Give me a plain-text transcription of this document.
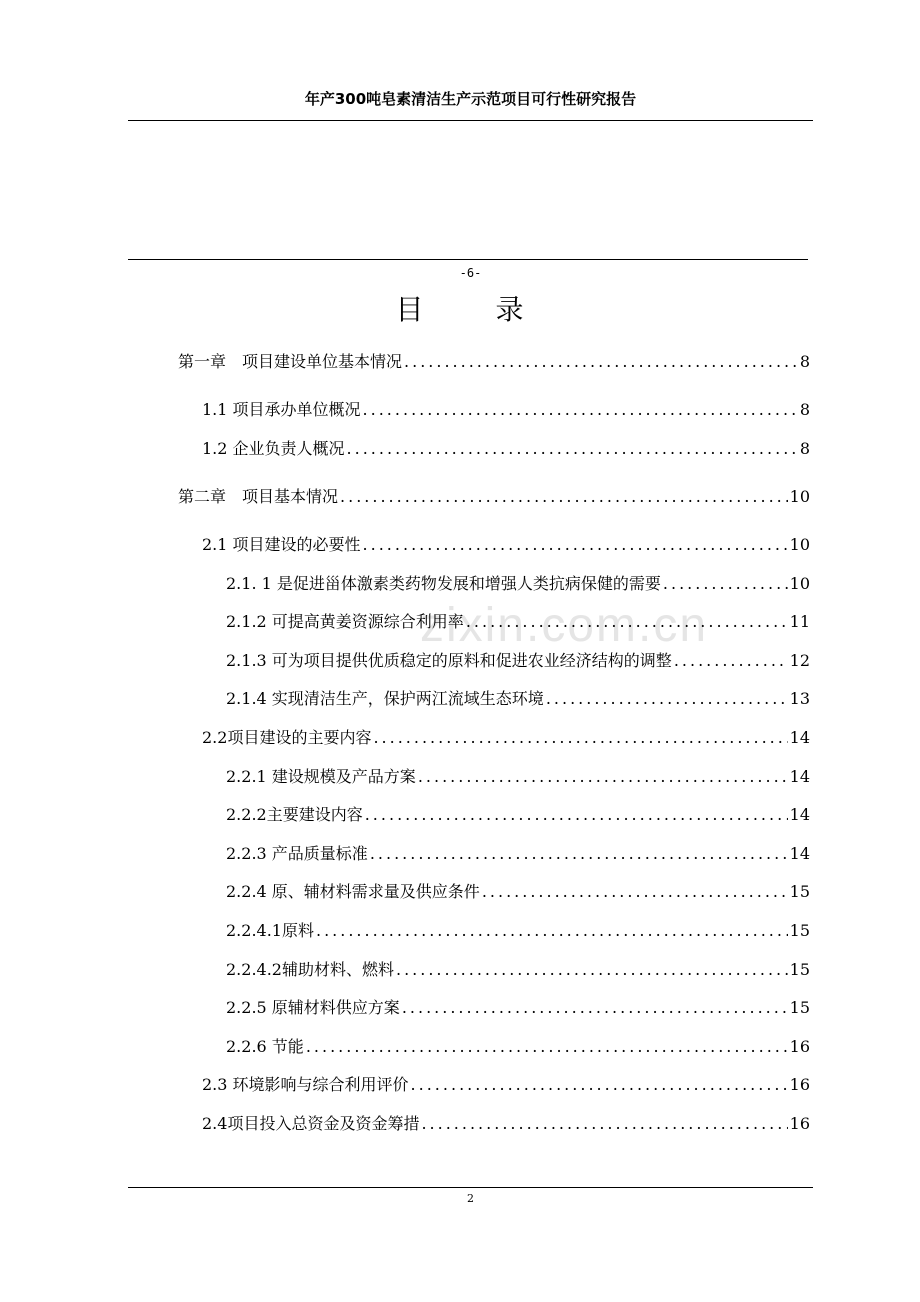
年产300吨皂素清洁生产示范项目可行性研究报告
-6-
目　录
zixin.com.cn
第一章　项目建设单位基本情况 .....	8
1.1 项目承办单位概况 .....	8
1.2 企业负责人概况 .....	8
第二章　项目基本情况 .....	10
2.1 项目建设的必要性 .....	10
2.1. 1 是促进甾体激素类药物发展和增强人类抗病保健的需要 .....	10
2.1.2 可提高黄姜资源综合利用率 .....	11
2.1.3 可为项目提供优质稳定的原料和促进农业经济结构的调整 .....	12
2.1.4 实现清洁生产，保护两江流域生态环境 .....	13
2.2项目建设的主要内容 .....	14
2.2.1 建设规模及产品方案 .....	14
2.2.2主要建设内容 .....	14
2.2.3 产品质量标准 .....	14
2.2.4 原、辅材料需求量及供应条件 .....	15
2.2.4.1原料 .....	15
2.2.4.2辅助材料、燃料 .....	15
2.2.5 原辅材料供应方案 .....	15
2.2.6 节能 .....	16
2.3 环境影响与综合利用评价 .....	16
2.4项目投入总资金及资金筹措 .....	16
2
